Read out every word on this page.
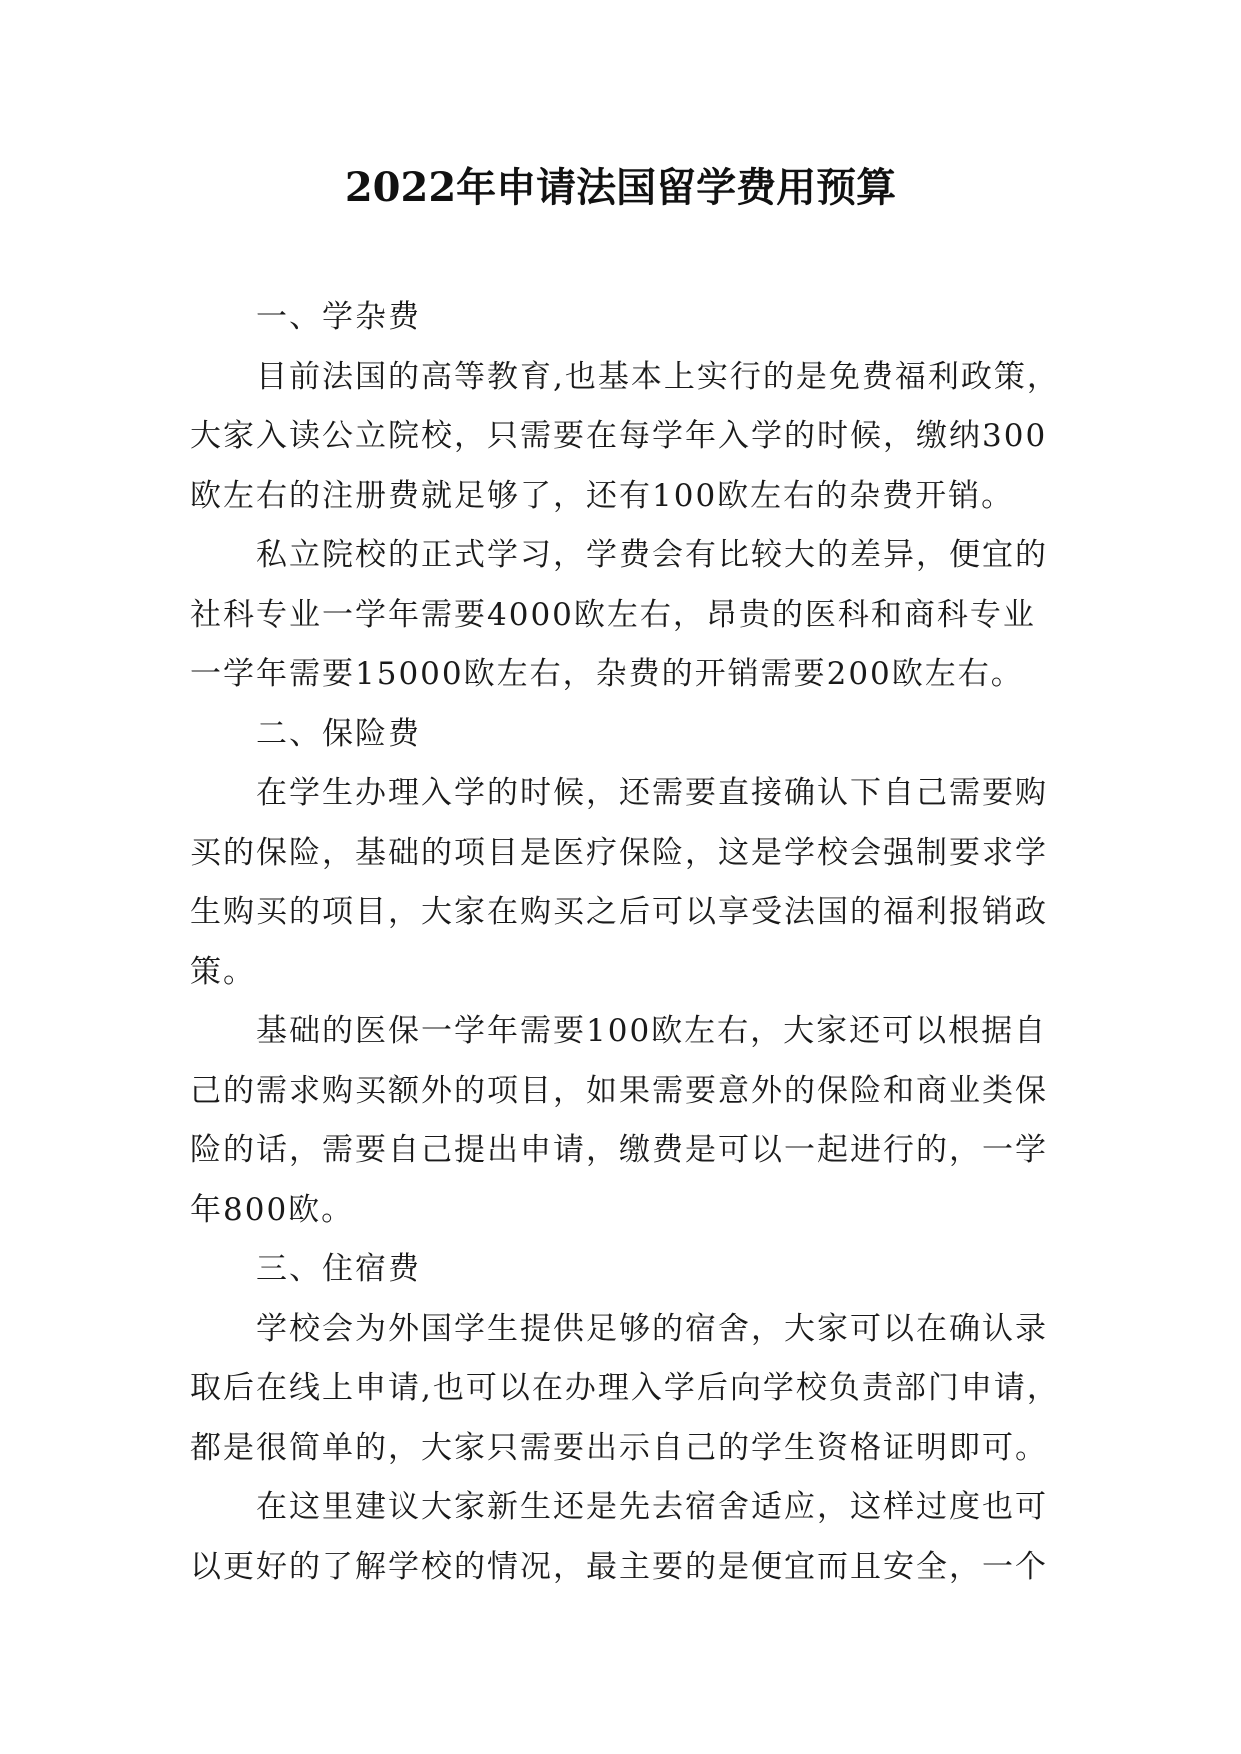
2022年申请法国留学费用预算
一、学杂费
目前法国的高等教育,也基本上实行的是免费福利政策，
大家入读公立院校，只需要在每学年入学的时候，缴纳300
欧左右的注册费就足够了，还有100欧左右的杂费开销。
私立院校的正式学习，学费会有比较大的差异，便宜的
社科专业一学年需要4000欧左右，昂贵的医科和商科专业
一学年需要15000欧左右，杂费的开销需要200欧左右。
二、保险费
在学生办理入学的时候，还需要直接确认下自己需要购
买的保险，基础的项目是医疗保险，这是学校会强制要求学
生购买的项目，大家在购买之后可以享受法国的福利报销政
策。
基础的医保一学年需要100欧左右，大家还可以根据自
己的需求购买额外的项目，如果需要意外的保险和商业类保
险的话，需要自己提出申请，缴费是可以一起进行的，一学
年800欧。
三、住宿费
学校会为外国学生提供足够的宿舍，大家可以在确认录
取后在线上申请,也可以在办理入学后向学校负责部门申请，
都是很简单的，大家只需要出示自己的学生资格证明即可。
在这里建议大家新生还是先去宿舍适应，这样过度也可
以更好的了解学校的情况，最主要的是便宜而且安全，一个
